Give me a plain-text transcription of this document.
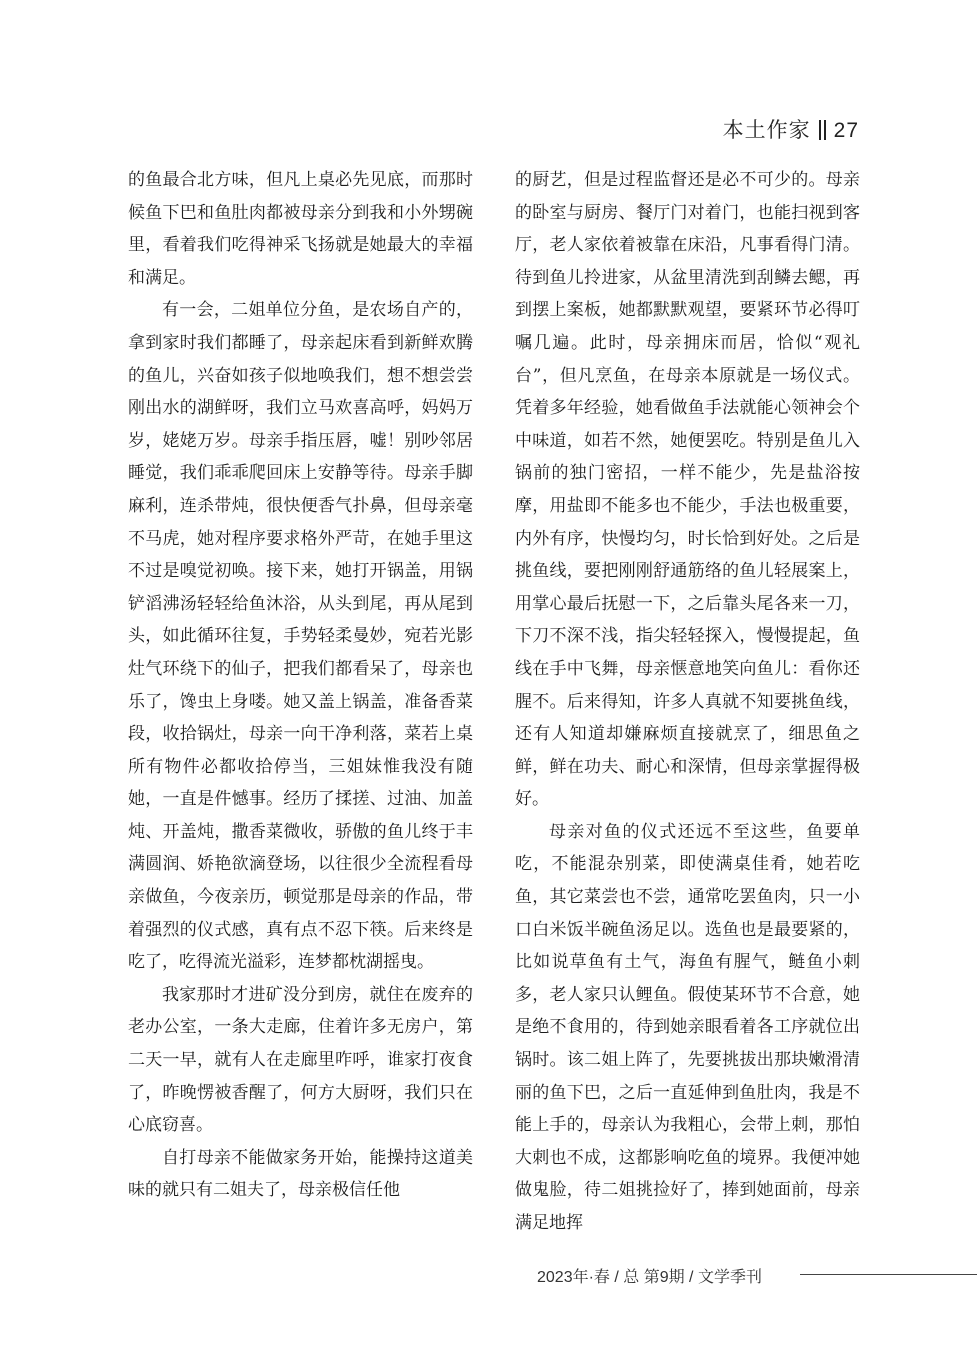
本土作家 27

的鱼最合北方味，但凡上桌必先见底，而那时候鱼下巴和鱼肚肉都被母亲分到我和小外甥碗里，看着我们吃得神采飞扬就是她最大的幸福和满足。

有一会，二姐单位分鱼，是农场自产的，拿到家时我们都睡了，母亲起床看到新鲜欢腾的鱼儿，兴奋如孩子似地唤我们，想不想尝尝刚出水的湖鲜呀，我们立马欢喜高呼，妈妈万岁，姥姥万岁。母亲手指压唇，嘘！别吵邻居睡觉，我们乖乖爬回床上安静等待。母亲手脚麻利，连杀带炖，很快便香气扑鼻，但母亲毫不马虎，她对程序要求格外严苛，在她手里这不过是嗅觉初唤。接下来，她打开锅盖，用锅铲滔沸汤轻轻给鱼沐浴，从头到尾，再从尾到头，如此循环往复，手势轻柔曼妙，宛若光影灶气环绕下的仙子，把我们都看呆了，母亲也乐了，馋虫上身喽。她又盖上锅盖，准备香菜段，收拾锅灶，母亲一向干净利落，菜若上桌所有物件必都收拾停当，三姐妹惟我没有随她，一直是件憾事。经历了揉搓、过油、加盖炖、开盖炖，撒香菜微收，骄傲的鱼儿终于丰满圆润、娇艳欲滴登场，以往很少全流程看母亲做鱼，今夜亲历，顿觉那是母亲的作品，带着强烈的仪式感，真有点不忍下筷。后来终是吃了，吃得流光溢彩，连梦都枕湖摇曳。

我家那时才进矿没分到房，就住在废弃的老办公室，一条大走廊，住着许多无房户，第二天一早，就有人在走廊里咋呼，谁家打夜食了，昨晚愣被香醒了，何方大厨呀，我们只在心底窃喜。

自打母亲不能做家务开始，能操持这道美味的就只有二姐夫了，母亲极信任他

的厨艺，但是过程监督还是必不可少的。母亲的卧室与厨房、餐厅门对着门，也能扫视到客厅，老人家依着被靠在床沿，凡事看得门清。待到鱼儿拎进家，从盆里清洗到刮鳞去鳃，再到摆上案板，她都默默观望，要紧环节必得叮嘱几遍。此时，母亲拥床而居，恰似“观礼台”，但凡烹鱼，在母亲本原就是一场仪式。凭着多年经验，她看做鱼手法就能心领神会个中味道，如若不然，她便罢吃。特别是鱼儿入锅前的独门密招，一样不能少，先是盐浴按摩，用盐即不能多也不能少，手法也极重要，内外有序，快慢均匀，时长恰到好处。之后是挑鱼线，要把刚刚舒通筋络的鱼儿轻展案上，用掌心最后抚慰一下，之后靠头尾各来一刀，下刀不深不浅，指尖轻轻探入，慢慢提起，鱼线在手中飞舞，母亲惬意地笑向鱼儿：看你还腥不。后来得知，许多人真就不知要挑鱼线，还有人知道却嫌麻烦直接就烹了，细思鱼之鲜，鲜在功夫、耐心和深情，但母亲掌握得极好。

母亲对鱼的仪式还远不至这些，鱼要单吃，不能混杂别菜，即使满桌佳肴，她若吃鱼，其它菜尝也不尝，通常吃罢鱼肉，只一小口白米饭半碗鱼汤足以。选鱼也是最要紧的，比如说草鱼有土气，海鱼有腥气，鲢鱼小刺多，老人家只认鲤鱼。假使某环节不合意，她是绝不食用的，待到她亲眼看着各工序就位出锅时。该二姐上阵了，先要挑拔出那块嫩滑清丽的鱼下巴，之后一直延伸到鱼肚肉，我是不能上手的，母亲认为我粗心，会带上刺，那怕大刺也不成，这都影响吃鱼的境界。我便冲她做鬼脸，待二姐挑捡好了，捧到她面前，母亲满足地挥

2023年·春 / 总 第9期 / 文学季刊
